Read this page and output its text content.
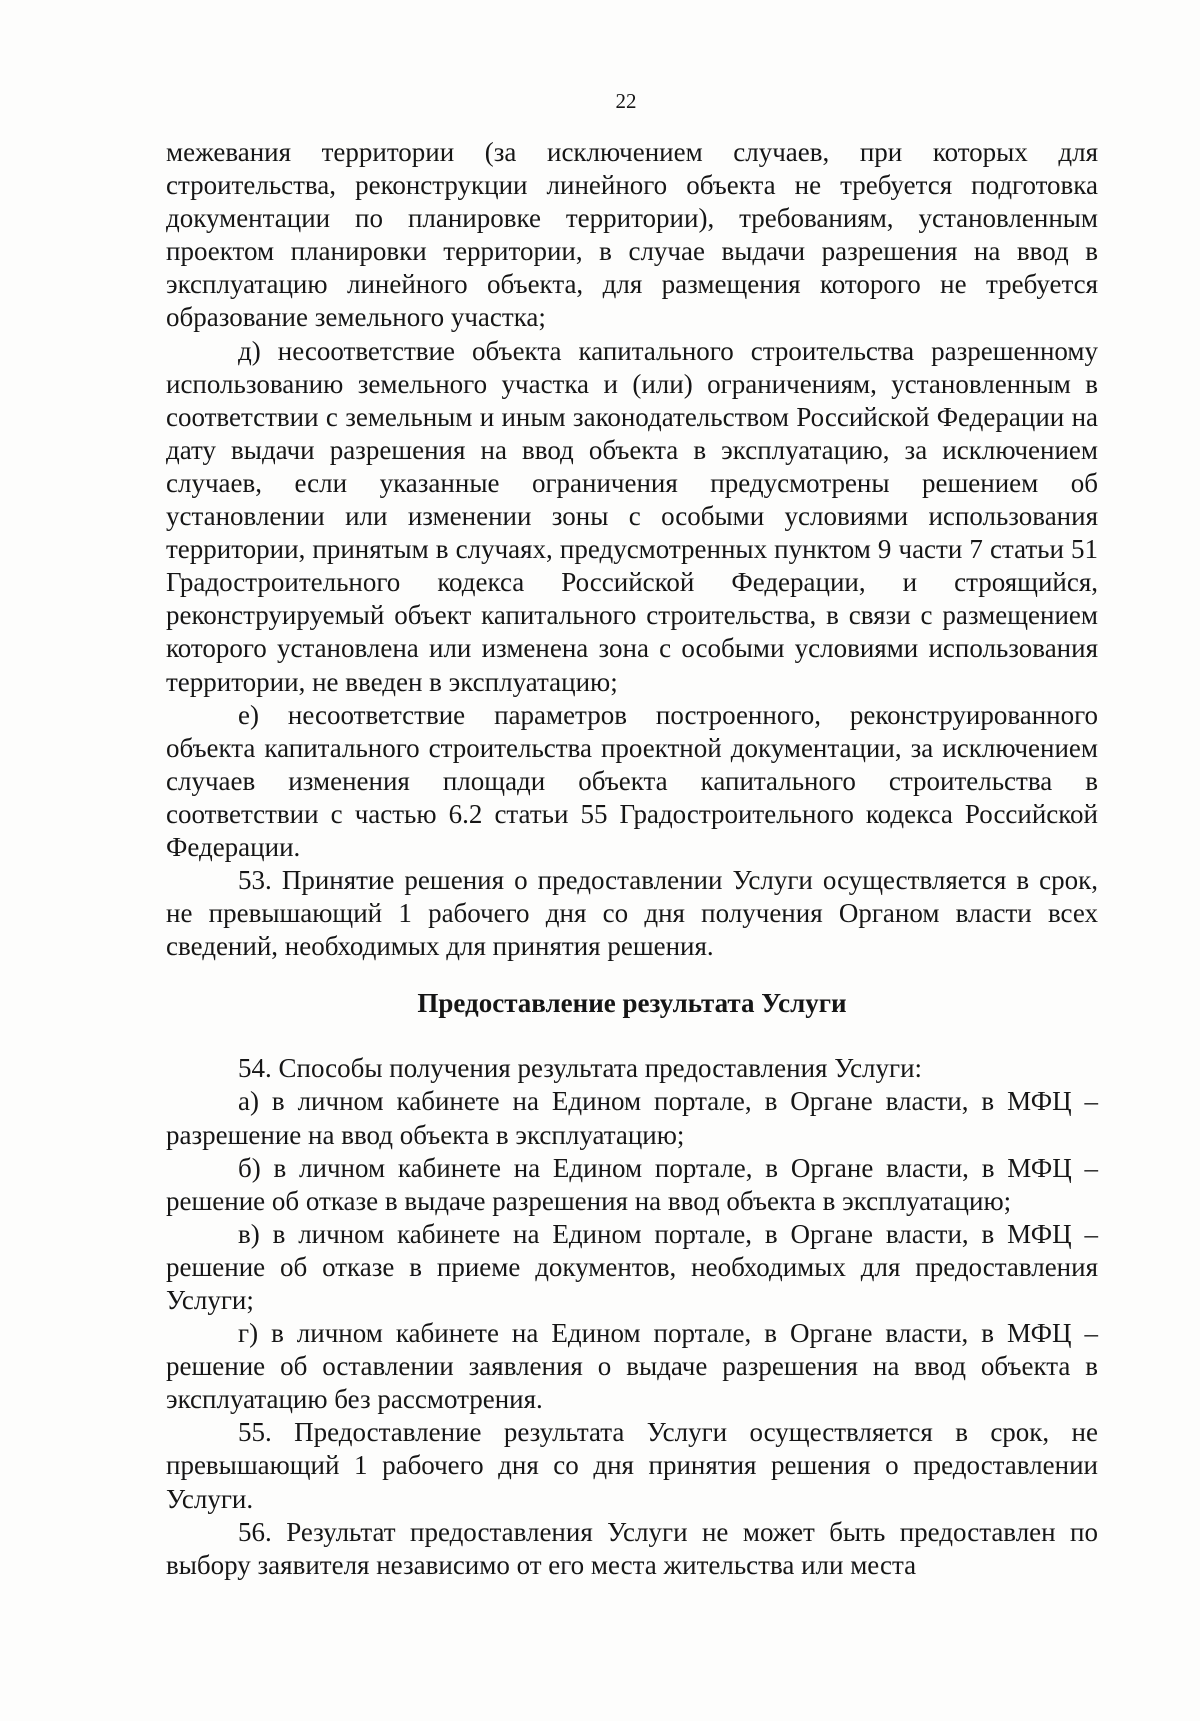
22

межевания территории (за исключением случаев, при которых для строительства, реконструкции линейного объекта не требуется подготовка документации по планировке территории), требованиям, установленным проектом планировки территории, в случае выдачи разрешения на ввод в эксплуатацию линейного объекта, для размещения которого не требуется образование земельного участка;

д) несоответствие объекта капитального строительства разрешенному использованию земельного участка и (или) ограничениям, установленным в соответствии с земельным и иным законодательством Российской Федерации на дату выдачи разрешения на ввод объекта в эксплуатацию, за исключением случаев, если указанные ограничения предусмотрены решением об установлении или изменении зоны с особыми условиями использования территории, принятым в случаях, предусмотренных пунктом 9 части 7 статьи 51 Градостроительного кодекса Российской Федерации, и строящийся, реконструируемый объект капитального строительства, в связи с размещением которого установлена или изменена зона с особыми условиями использования территории, не введен в эксплуатацию;

е) несоответствие параметров построенного, реконструированного объекта капитального строительства проектной документации, за исключением случаев изменения площади объекта капитального строительства в соответствии с частью 6.2 статьи 55 Градостроительного кодекса Российской Федерации.

53. Принятие решения о предоставлении Услуги осуществляется в срок, не превышающий 1 рабочего дня со дня получения Органом власти всех сведений, необходимых для принятия решения.

Предоставление результата Услуги

54. Способы получения результата предоставления Услуги:

а) в личном кабинете на Едином портале, в Органе власти, в МФЦ – разрешение на ввод объекта в эксплуатацию;

б) в личном кабинете на Едином портале, в Органе власти, в МФЦ – решение об отказе в выдаче разрешения на ввод объекта в эксплуатацию;

в) в личном кабинете на Едином портале, в Органе власти, в МФЦ – решение об отказе в приеме документов, необходимых для предоставления Услуги;

г) в личном кабинете на Едином портале, в Органе власти, в МФЦ – решение об оставлении заявления о выдаче разрешения на ввод объекта в эксплуатацию без рассмотрения.

55. Предоставление результата Услуги осуществляется в срок, не превышающий 1 рабочего дня со дня принятия решения о предоставлении Услуги.

56. Результат предоставления Услуги не может быть предоставлен по выбору заявителя независимо от его места жительства или места
